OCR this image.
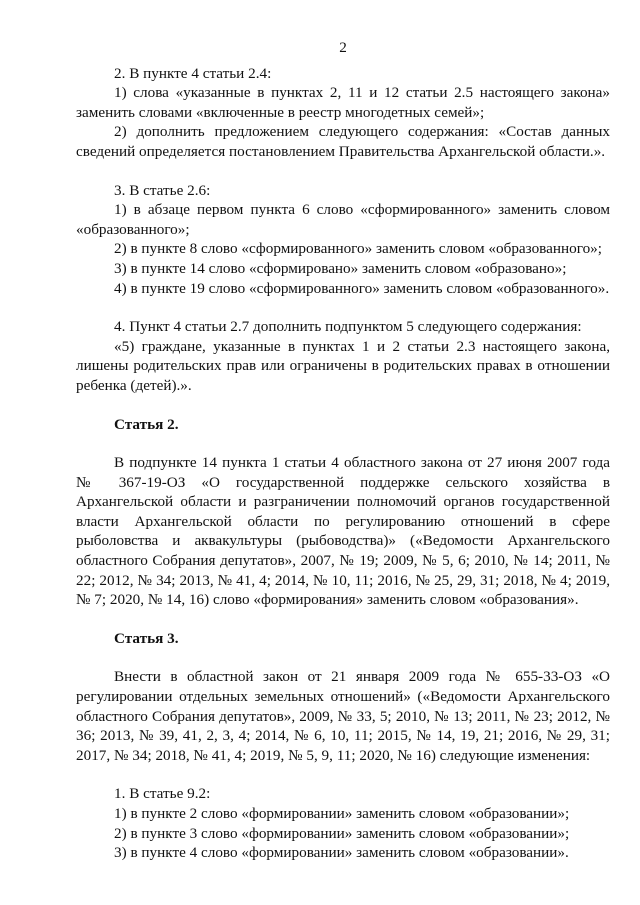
2

2. В пункте 4 статьи 2.4:

1) слова «указанные в пунктах 2, 11 и 12 статьи 2.5 настоящего закона» заменить словами «включенные в реестр многодетных семей»;

2) дополнить предложением следующего содержания: «Состав данных сведений определяется постановлением Правительства Архангельской области.».

3. В статье 2.6:

1) в абзаце первом пункта 6 слово «сформированного» заменить словом «образованного»;

2) в пункте 8 слово «сформированного» заменить словом «образованного»;

3) в пункте 14 слово «сформировано» заменить словом «образовано»;

4) в пункте 19 слово «сформированного» заменить словом «образованного».

4. Пункт 4 статьи 2.7 дополнить подпунктом 5 следующего содержания:

«5) граждане, указанные в пунктах 1 и 2 статьи 2.3 настоящего закона, лишены родительских прав или ограничены в родительских правах в отношении ребенка (детей).».

Статья 2.

В подпункте 14 пункта 1 статьи 4 областного закона от 27 июня 2007 года № 367-19-ОЗ «О государственной поддержке сельского хозяйства в Архангельской области и разграничении полномочий органов государственной власти Архангельской области по регулированию отношений в сфере рыболовства и аквакультуры (рыбоводства)» («Ведомости Архангельского областного Собрания депутатов», 2007, № 19; 2009, № 5, 6; 2010, № 14; 2011, № 22; 2012, № 34; 2013, № 41, 4; 2014, № 10, 11; 2016, № 25, 29, 31; 2018, № 4; 2019, № 7; 2020, № 14, 16) слово «формирования» заменить словом «образования».

Статья 3.

Внести в областной закон от 21 января 2009 года № 655-33-ОЗ «О регулировании отдельных земельных отношений» («Ведомости Архангельского областного Собрания депутатов», 2009, № 33, 5; 2010, № 13; 2011, № 23; 2012, № 36; 2013, № 39, 41, 2, 3, 4; 2014, № 6, 10, 11; 2015, № 14, 19, 21; 2016, № 29, 31; 2017, № 34; 2018, № 41, 4; 2019, № 5, 9, 11; 2020, № 16) следующие изменения:

1. В статье 9.2:

1) в пункте 2 слово «формировании» заменить словом «образовании»;

2) в пункте 3 слово «формировании» заменить словом «образовании»;

3) в пункте 4 слово «формировании» заменить словом «образовании».
